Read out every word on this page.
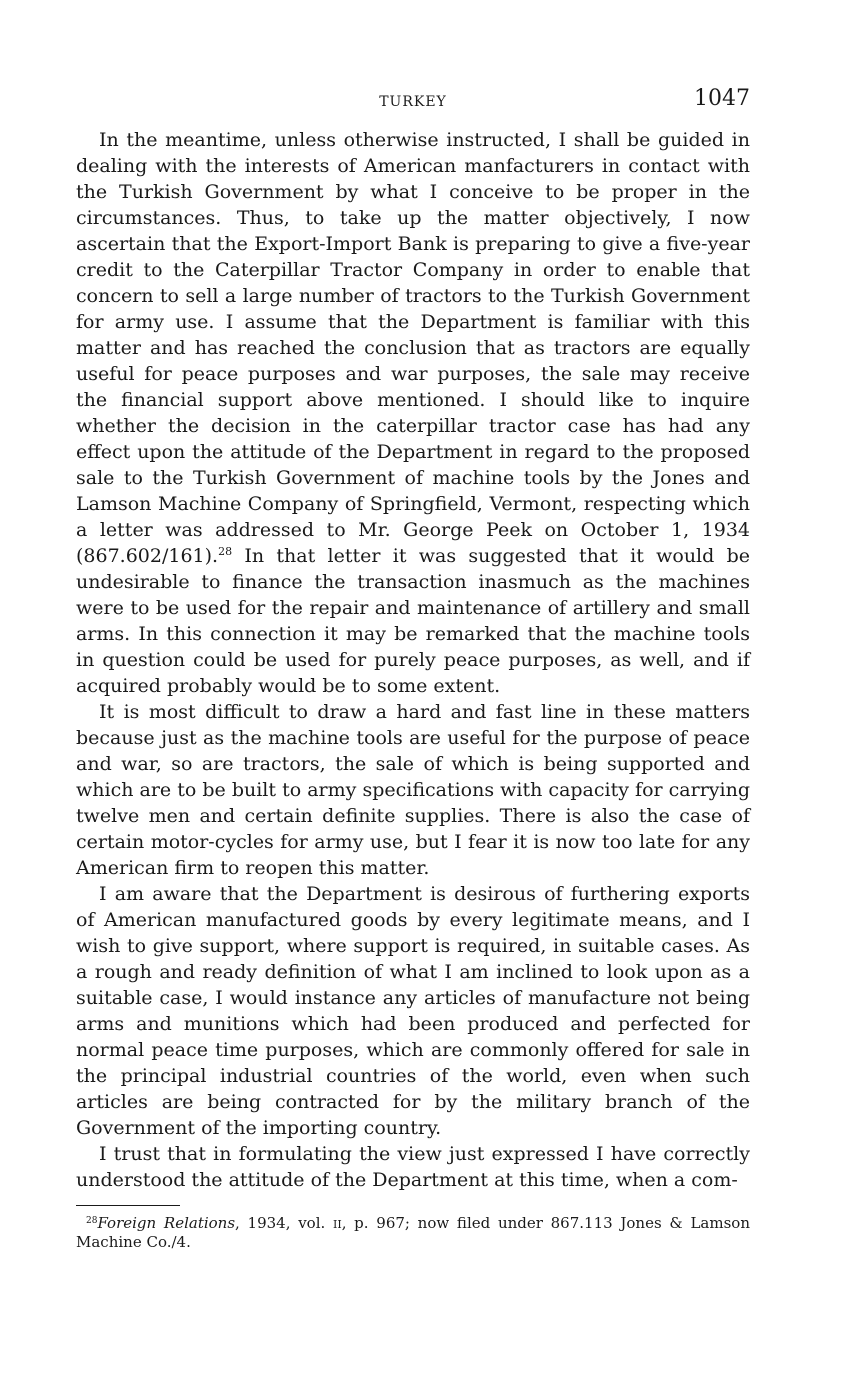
TURKEY	1047

In the meantime, unless otherwise instructed, I shall be guided in dealing with the interests of American manfacturers in contact with the Turkish Government by what I conceive to be proper in the circumstances. Thus, to take up the matter objectively, I now ascertain that the Export-Import Bank is preparing to give a five-year credit to the Caterpillar Tractor Company in order to enable that concern to sell a large number of tractors to the Turkish Government for army use. I assume that the Department is familiar with this matter and has reached the conclusion that as tractors are equally useful for peace purposes and war purposes, the sale may receive the financial support above mentioned. I should like to inquire whether the decision in the caterpillar tractor case has had any effect upon the attitude of the Department in regard to the proposed sale to the Turkish Government of machine tools by the Jones and Lamson Machine Company of Springfield, Vermont, respecting which a letter was addressed to Mr. George Peek on October 1, 1934 (867.602/161).$^{28}$ In that letter it was suggested that it would be undesirable to finance the transaction inasmuch as the machines were to be used for the repair and maintenance of artillery and small arms. In this connection it may be remarked that the machine tools in question could be used for purely peace purposes, as well, and if acquired probably would be to some extent.

It is most difficult to draw a hard and fast line in these matters because just as the machine tools are useful for the purpose of peace and war, so are tractors, the sale of which is being supported and which are to be built to army specifications with capacity for carrying twelve men and certain definite supplies. There is also the case of certain motor-cycles for army use, but I fear it is now too late for any American firm to reopen this matter.

I am aware that the Department is desirous of furthering exports of American manufactured goods by every legitimate means, and I wish to give support, where support is required, in suitable cases. As a rough and ready definition of what I am inclined to look upon as a suitable case, I would instance any articles of manufacture not being arms and munitions which had been produced and perfected for normal peace time purposes, which are commonly offered for sale in the principal industrial countries of the world, even when such articles are being contracted for by the military branch of the Government of the importing country.

I trust that in formulating the view just expressed I have correctly understood the attitude of the Department at this time, when a com-

$^{28}$Foreign Relations, 1934, vol. ii, p. 967; now filed under 867.113 Jones & Lamson Machine Co./4.
